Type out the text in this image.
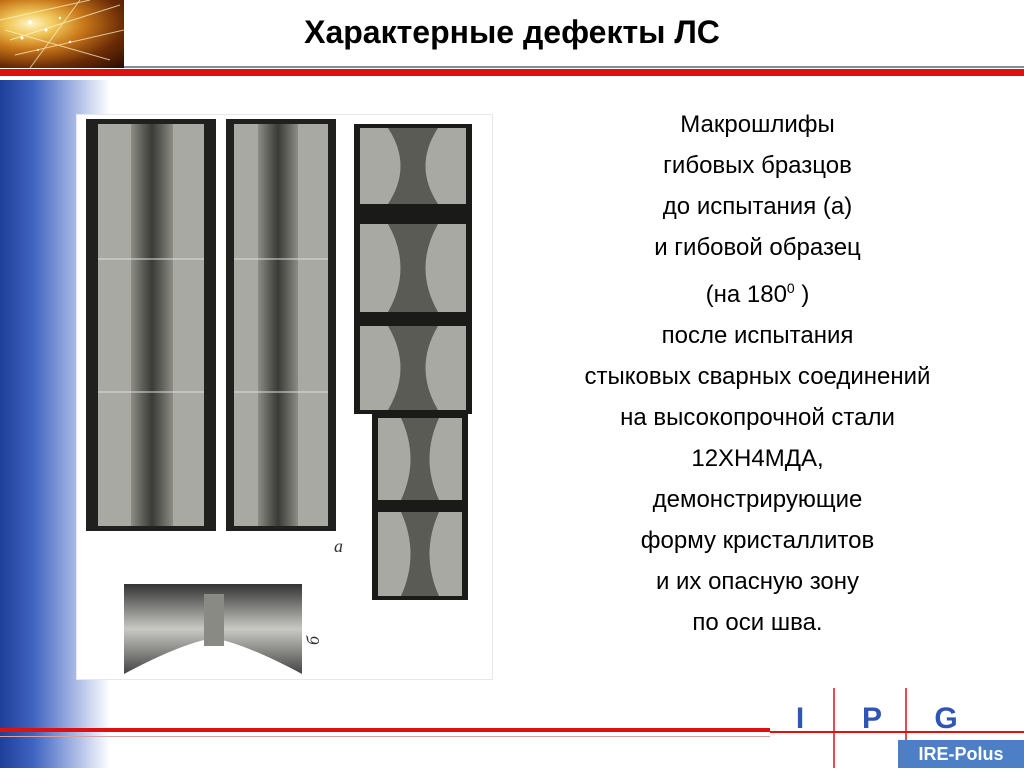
Характерные дефекты ЛС
а
б
Макрошлифы
гибовых бразцов
до испытания (а)
и гибовой образец
(на $180^0$ )
после испытания
стыковых сварных соединений
на высокопрочной стали
12ХН4МДА,
демонстрирующие
форму кристаллитов
и их опасную зону
по оси шва.
I P G
IRE-Polus
